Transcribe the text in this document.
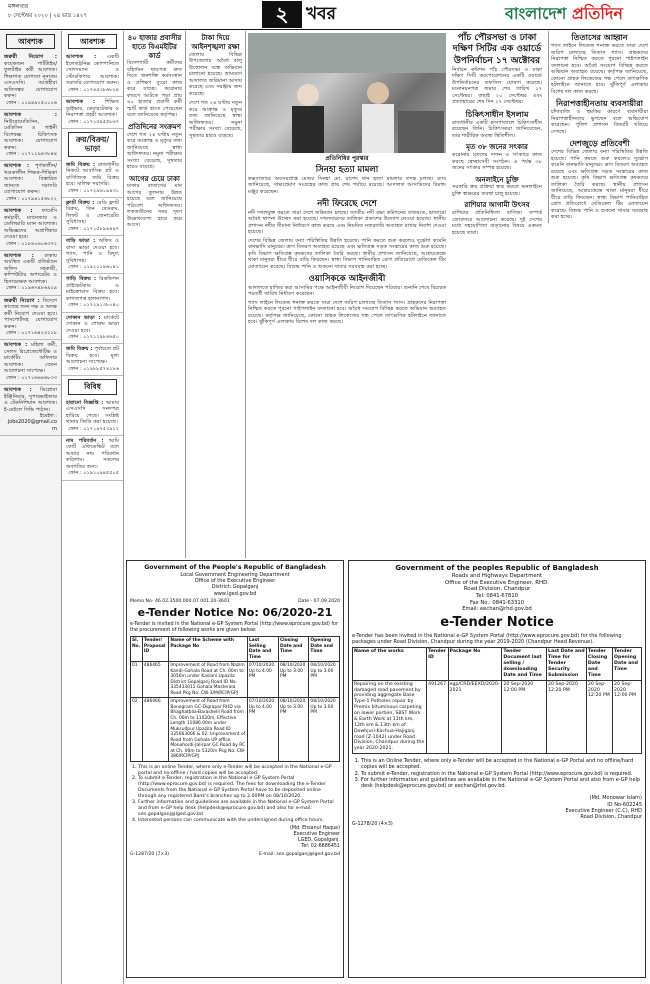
মঙ্গলবার
৮ সেপ্টেম্বর ২০২০ | ২৪ ভাদ্র ১৪২৭	২	খবর	বাংলাদেশ প্রতিদিন
আবশ্যক
জরুরী নিয়োগ : কয়েকজন পার্টটাইম/ফুলটাইম কর্মী আবশ্যক। শিক্ষাগত যোগ্যতা নূন্যতম এসএসসি। আগ্রহীরা অতিসত্বর যোগাযোগ করুন।
ফোন : ০১৯৪৯২৫০০০৬
আবশ্যক : নিউরোমেডিসিন, মেডিসিন ও গাইনী বিশেষজ্ঞ চিকিৎসক আবশ্যক। যোগাযোগ করুন।
ফোন : ০১৭১২৯৪৩৮৪৪
আবশ্যক : পূর্ণকালীন/খণ্ডকালীন শিক্ষক-শিক্ষিকা আবশ্যক। বিস্তারিত জানতে সরাসরি যোগাযোগ করুন।
ফোন : ০১৭৯৪১৫৬৮২২
আবশ্যক : ফার্মেসি কর্মচারী, ম্যানেজার ও ডেলিভারি ম্যান আবশ্যক। অভিজ্ঞদের অগ্রাধিকার দেওয়া হবে।
ফোন : ০১৮৪০৬০৬৩৭২
আবশ্যক : ঢাকায় অবস্থিত একটি প্রতিষ্ঠানে অফিস সহকারী, কম্পিউটার অপারেটর ও হিসাবরক্ষক আবশ্যক।
ফোন : ০১৯৬৭৪৮৬৯২৯
জরুরী নিয়োগ : বিদেশে কাজের জন্য দক্ষ ও অদক্ষ কর্মী নিয়োগ দেওয়া হবে। পাসপোর্টসহ যোগাযোগ করুন।
ফোন : ০১৭১৬৪২৩২১৮
আবশ্যক : মহিলা কর্মী, সেলস রিপ্রেজেন্টেটিভ ও মার্কেটিং অফিসার আবশ্যক। বেতন আলোচনা সাপেক্ষে।
ফোন : ০১৭১৬৬৪৬৮৩৩
আবশ্যক : ডিপ্লোমা ইঞ্জিনিয়ার, সুপারভাইজার ও টেকনিশিয়ান আবশ্যক। ই-মেইলে সিভি পাঠান।
ইমেইল : jobs2020@gmail.com
আবশ্যক
আবশ্যক : একটি ইলেকট্রনিক্স কোম্পানিতে সেলসম্যান ও স্টোরকিপার আবশ্যক। সরাসরি যোগাযোগ করুন।
ফোন : ০১৭৪৫৩৮৬৮২৪
আবশ্যক : শিক্ষিত ড্রাইভার, কেয়ারটেকার ও নিরাপত্তা প্রহরী আবশ্যক।
ফোন : ০১৭১৫৪৫৫৮৬৭
ক্রয়/বিক্রয়/ভাড়া
জমি বিক্রয় : রাজধানীর নিকটে আবাসিক প্লট ও বাণিজ্যিক জমি বিক্রয় হবে। মালিক সরাসরি।
ফোন : ০১৭২৯৬১৯৪৩১
ফ্ল্যাট বিক্রয় : রেডি ফ্ল্যাট বিক্রয়, তিন বেডরুম, লিফট ও জেনারেটর সুবিধাসহ।
ফোন : ০১৭১৫৮৯৪৪৯৭
বাড়ি ভাড়া : অফিস ও বাসা ভাড়া দেওয়া হবে। গ্যাস, পানি ও বিদ্যুৎ সুবিধাসহ।
ফোন : ০১৯২০১৪৬০৪১
গাড়ি বিক্রয় : রিকন্ডিশন প্রাইভেটকার ও মাইক্রোবাস বিক্রয় হবে। কাগজপত্র হালনাগাদ।
ফোন : ০১৭২৯১৩৮০৪০
দোকান ভাড়া : মার্কেটে দোকান ও শোরুম ভাড়া দেওয়া হবে।
ফোন : ০১৭১২৯৮৪৬৫০
জমি বিক্রয় : পূর্বাচলে প্লট বিক্রয় হবে। মূল্য আলোচনা সাপেক্ষে।
ফোন : ০১৯৮৮৫৭৪১৮৬
বিবিধ
হারানো বিজ্ঞপ্তি : আমার এসএসসি সনদপত্র হারিয়ে গেছে। সংশ্লিষ্ট থানায় জিডি করা হয়েছে।
ফোন : ০১৭১৯৭৫৩৯১২
নাম পরিবর্তন : আমি কোর্ট এফিডেভিট বলে আমার নাম পরিবর্তন করিলাম। সকলের অবগতির জন্য।
ফোন : ০১৯১০৯৪৫৫০৫
৪০ হাজার প্রবাসীর হাতে বিএমইটির কার্ড
বিদেশগামী কর্মীদের বহির্গমন ছাড়পত্র দ্রুত দিতে জনশক্তি কর্মসংস্থান ও প্রশিক্ষণ ব্যুরো কাজ করে যাচ্ছে। করোনার কারণে আটকে পড়া প্রায় ৪০ হাজার প্রবাসী কর্মী স্মার্ট কার্ড হাতে পেয়েছেন বলে জানিয়েছে কর্তৃপক্ষ।
প্রতিদিনের সংক্রমণ
দেশে গত ২৪ ঘণ্টায় নতুন করে আক্রান্ত ও মৃত্যুর তথ্য জানিয়েছে স্বাস্থ্য অধিদফতর। নমুনা পরীক্ষার সংখ্যা বেড়েছে, সুস্থতার হারও বাড়ছে।
আগের চেয়ে ঢাকা
ঢাকার বাতাসের মান আগের তুলনায় উন্নত হয়েছে বলে জানিয়েছে পরিবেশ অধিদফতর। লকডাউনের সময় দূষণ উল্লেখযোগ্য হারে কমে আসে।
টাকা দিয়ে আইনশৃঙ্খলা রক্ষা
জেলার বিভিন্ন উপজেলায় অবৈধ বালু উত্তোলন বন্ধে অভিযান চালানো হয়েছে। ভ্রাম্যমাণ আদালত জরিমানা আদায় করেছে এবং সরঞ্জাম জব্দ করেছে।
দেশে গত ২৪ ঘণ্টায় নতুন করে আক্রান্ত ও মৃত্যুর তথ্য জানিয়েছে স্বাস্থ্য অধিদফতর। নমুনা পরীক্ষার সংখ্যা বেড়েছে, সুস্থতার হারও বাড়ছে।
প্রতিনিধির পুরস্কার
সিনহা হত্যা মামলা
কক্সবাজারে অবসরপ্রাপ্ত মেজর সিনহা মো. রাশেদ খান হত্যা মামলার তদন্ত চলছে। র‍্যাব জানিয়েছে, সাক্ষ্যপ্রমাণ সংগ্রহের কাজ প্রায় শেষ পর্যায়ে রয়েছে। আদালত আসামিদের রিমান্ড মঞ্জুর করেছেন।
নদী ফিরেছে দেশে
নদী দখলমুক্ত করতে সারা দেশে অভিযান চলছে। জাতীয় নদী রক্ষা কমিশনের তথ্যমতে, হাজারো অবৈধ স্থাপনা উচ্ছেদ করা হয়েছে। দখলদারদের তালিকা প্রকাশের উদ্যোগ নেওয়া হয়েছে। স্থানীয় প্রশাসন নদীর সীমানা নির্ধারণে কাজ করছে এবং নিয়মিত নজরদারি অব্যাহত রাখার নির্দেশ দেওয়া হয়েছে।
দেশের বিভিন্ন জেলায় বন্যা পরিস্থিতির উন্নতি হয়েছে। পানি কমতে শুরু করলেও দুর্ভোগ কমেনি বানভাসি মানুষের। ত্রাণ বিতরণ অব্যাহত রয়েছে এবং ক্ষতিগ্রস্ত সড়ক সংস্কারের কাজ শুরু হয়েছে। কৃষি বিভাগ ক্ষতিগ্রস্ত কৃষকদের তালিকা তৈরি করছে। স্থানীয় প্রশাসন জানিয়েছে, আশ্রয়কেন্দ্রে থাকা মানুষরা ধীরে ধীরে বাড়ি ফিরছেন। স্বাস্থ্য বিভাগ পানিবাহিত রোগ প্রতিরোধে মেডিকেল টিম মোতায়েন করেছে। বিশুদ্ধ পানি ও শুকনো খাবার সরবরাহ করা হচ্ছে।
ওয়াসিককে আইনজীবী
আদালতে হাজির করা আসামির পক্ষে আইনজীবী নিয়োগ দিয়েছেন পরিবার। শুনানি শেষে বিচারক পরবর্তী তারিখ নির্ধারণ করেছেন।
গ্যাস লাইনে লিকেজ শনাক্ত করতে সারা দেশে জরিপ চালাচ্ছে তিতাস গ্যাস। গ্রাহকদের নিরাপত্তা নিশ্চিত করতে পুরনো পাইপলাইন বদলানো হবে। অবৈধ সংযোগ বিচ্ছিন্ন করতে অভিযান অব্যাহত রয়েছে। কর্তৃপক্ষ জানিয়েছে, কোনো গ্রাহক লিকেজের গন্ধ পেলে তাৎক্ষণিক হটলাইনে জানাতে হবে। ঝুঁকিপূর্ণ এলাকায় বিশেষ দল কাজ করছে।
পাঁচ পৌরসভা ও ঢাকা দক্ষিণ সিটির এক ওয়ার্ডে উপনির্বাচন ১৭ অক্টোবর
নির্বাচন কমিশন পাঁচ পৌরসভা ও ঢাকা দক্ষিণ সিটি করপোরেশনের একটি ওয়ার্ডে উপনির্বাচনের তফসিল ঘোষণা করেছে। মনোনয়নপত্র জমার শেষ তারিখ ১৭ সেপ্টেম্বর। বাছাই ২০ সেপ্টেম্বর এবং প্রত্যাহারের শেষ দিন ২৭ সেপ্টেম্বর।
চিকিৎসাধীন ইসলাম
রাজধানীর একটি হাসপাতালে চিকিৎসাধীন রয়েছেন তিনি। চিকিৎসকরা জানিয়েছেন, তার শারীরিক অবস্থা স্থিতিশীল।
মৃত ৩৮ জনের সৎকার
করোনায় মৃতদের দাফন ও সৎকারে কাজ করছে স্বেচ্ছাসেবী সংগঠন। এ পর্যন্ত ৩৮ জনের সৎকার সম্পন্ন হয়েছে।
অনলাইনে চুক্তি
সরকারি ক্রয় প্রক্রিয়া স্বচ্ছ করতে অনলাইনে চুক্তি স্বাক্ষরের ব্যবস্থা চালু হয়েছে।
রাশিয়ার আগামী উৎসব
রাশিয়ার প্রতিনিধিদল বাণিজ্য সম্পর্ক জোরদারে আলোচনা করেছে। দুই দেশের মধ্যে সহযোগিতা বাড়ানোর বিষয়ে একমত হয়েছে তারা।
তিতাসের আহ্বান
গ্যাস লাইনে লিকেজ শনাক্ত করতে সারা দেশে জরিপ চালাচ্ছে তিতাস গ্যাস। গ্রাহকদের নিরাপত্তা নিশ্চিত করতে পুরনো পাইপলাইন বদলানো হবে। অবৈধ সংযোগ বিচ্ছিন্ন করতে অভিযান অব্যাহত রয়েছে। কর্তৃপক্ষ জানিয়েছে, কোনো গ্রাহক লিকেজের গন্ধ পেলে তাৎক্ষণিক হটলাইনে জানাতে হবে। ঝুঁকিপূর্ণ এলাকায় বিশেষ দল কাজ করছে।
নিরাপত্তাহীনতায় ব্যবসায়ীরা
চাঁদাবাজি ও হুমকির কারণে ব্যবসায়ীরা নিরাপত্তাহীনতায় ভুগছেন বলে অভিযোগ করেছেন। পুলিশ প্রশাসন বিষয়টি খতিয়ে দেখছে।
দেশজুড়ে প্রতিবেশী
দেশের বিভিন্ন জেলায় বন্যা পরিস্থিতির উন্নতি হয়েছে। পানি কমতে শুরু করলেও দুর্ভোগ কমেনি বানভাসি মানুষের। ত্রাণ বিতরণ অব্যাহত রয়েছে এবং ক্ষতিগ্রস্ত সড়ক সংস্কারের কাজ শুরু হয়েছে। কৃষি বিভাগ ক্ষতিগ্রস্ত কৃষকদের তালিকা তৈরি করছে। স্থানীয় প্রশাসন জানিয়েছে, আশ্রয়কেন্দ্রে থাকা মানুষরা ধীরে ধীরে বাড়ি ফিরছেন। স্বাস্থ্য বিভাগ পানিবাহিত রোগ প্রতিরোধে মেডিকেল টিম মোতায়েন করেছে। বিশুদ্ধ পানি ও শুকনো খাবার সরবরাহ করা হচ্ছে।
Government of the People's Republic of Bangladesh
Local Government Engineering Department
Office of the Executive Engineer
District: Gopalganj
www.lged.gov.bd
Memo No- 46.02.3500.000.07.001.20-3601	Date - 07.09.2020
e-Tender Notice No: 06/2020-21
e-Tender is invited in the National e-GP System Portal (http://www.eprocure.gov.bd) for the procurement of following works are given below:
Sl. No.	Tender/ Proposal ID	Name of the Scheme with Package No	Last Selling Date and Time	Closing Date and Time	Opening Date and Time
01	486465	Improvement of Road from Nazim Kandi-Gohala Road at Ch. 00m to 3056m under Kasiani Upazila District Gopalganj Road ID No. 335433011 Gohala Masterala Road Pkg No: CW-3/M/RCIP/GPJ	07/10/2020 Up to 4.00 PM	08/10/2020 Up to 3.00 PM	08/10/2020 Up to 3.00 PM
02	486466	Improvement of Road from Bonogram GC-Digrapar RHD via Bhaghatbila-Barashelil Road from Ch. 00m to 11020m, Effective Length 11086.00m under Muksudpur Upazila Road ID 335663006 & 02. Improvement of Road from Gohala UP office Monohordi-Jalirpar GC Road by RC at Ch. 00m to 5320m Pkg No. CW-386/RCIP/GPJ	07/10/2020 Up to 4.00 PM	08/10/2020 Up to 3.00 PM	08/10/2020 Up to 3.00 PM
1. This is an online Tender, where only e-Tender will be accepted in the National e-GP portal and no offline / hard copies will be accepted.
2. To submit e-Tender, registration in the National e-GP System Portal (http://www.eprocure.gov.bd) is required. The fees for downloading the e-Tender Documents from the National e-GP System Portal have to be deposited online through any registered Bank's branches up to 2.00PM on 08/10/2020.
3. Further information and guidelines are available in the National e-GP System Portal and from e-GP help desk (helpdesk@eprocure.gov.bd) and also for e-mail: sen.gopalganj@lged.gov.bd
4. Interested persons can communicate with the undersigned during office hours.
(Md. Ehsanul Haque)
Executive Engineer
LGED, Gopalganj.
Tel: 02-6686451
G-1287/20 (7×3)	E-mail: sen.gopalganj@lged.gov.bd
Government of the peoples Republic of Bangladesh
Roads and Highways Department
Office of the Executive Engineer, RHD.
Road Division, Chandpur
Tel: 0841-67810
Fax No.: 0841-63310
Email: eechan@rhd.gov.bd
e-Tender Notice
e-Tender has been invited in the National e-GP System Portal (http://www.eprocure.gov.bd) for the following packages under Road Division, Chandpur during the year 2019-2020 (Chandpur Head Revenue).
Name of the works	Tender ID	Package No	Tender Document last selling / downloading Date and Time	Last Date and Time for Tender Security Submission	Tender Closing Date and Time	Tender Opening Date and Time
Repairing on the existing damaged road pavement by providing aggregate Base Type-1 Potholes repair by Premix bituminous carpeting on lower portion, SBST Work & Earth Work at 11th km, 12th km & 13th km of Dowhjuri-Kachua-Hajiganj road (Z-1042) under Road Division, Chandpur during the year 2020-2021.	491267	egp/CRD/EEXD/2020-2021	20 Sep-2020 12:00 PM	20 Sep-2020 12:20 PM	20 Sep-2020 12:20 PM	20 Sep-2020 12:00 PM
1. This is an Online Tender, where only e-Tender will be accepted in the National e-GP Portal and no offline/hard copies will be accepted.
2. To submit e-Tender, registration in the National e-GP System Portal (http://www.eprocure.gov.bd) is required.
3. For further information and guidelines are available in the National e-GP System Portal and also from e-GP help desk (helpdesk@eprocure.gov.bd) or eechan@rhd.gov.bd.
(Md. Monowar Islam)
ID No-602245
Executive Engineer (C.C), RHD
Road Division, Chandpur
G-1278/20 (4×3)
